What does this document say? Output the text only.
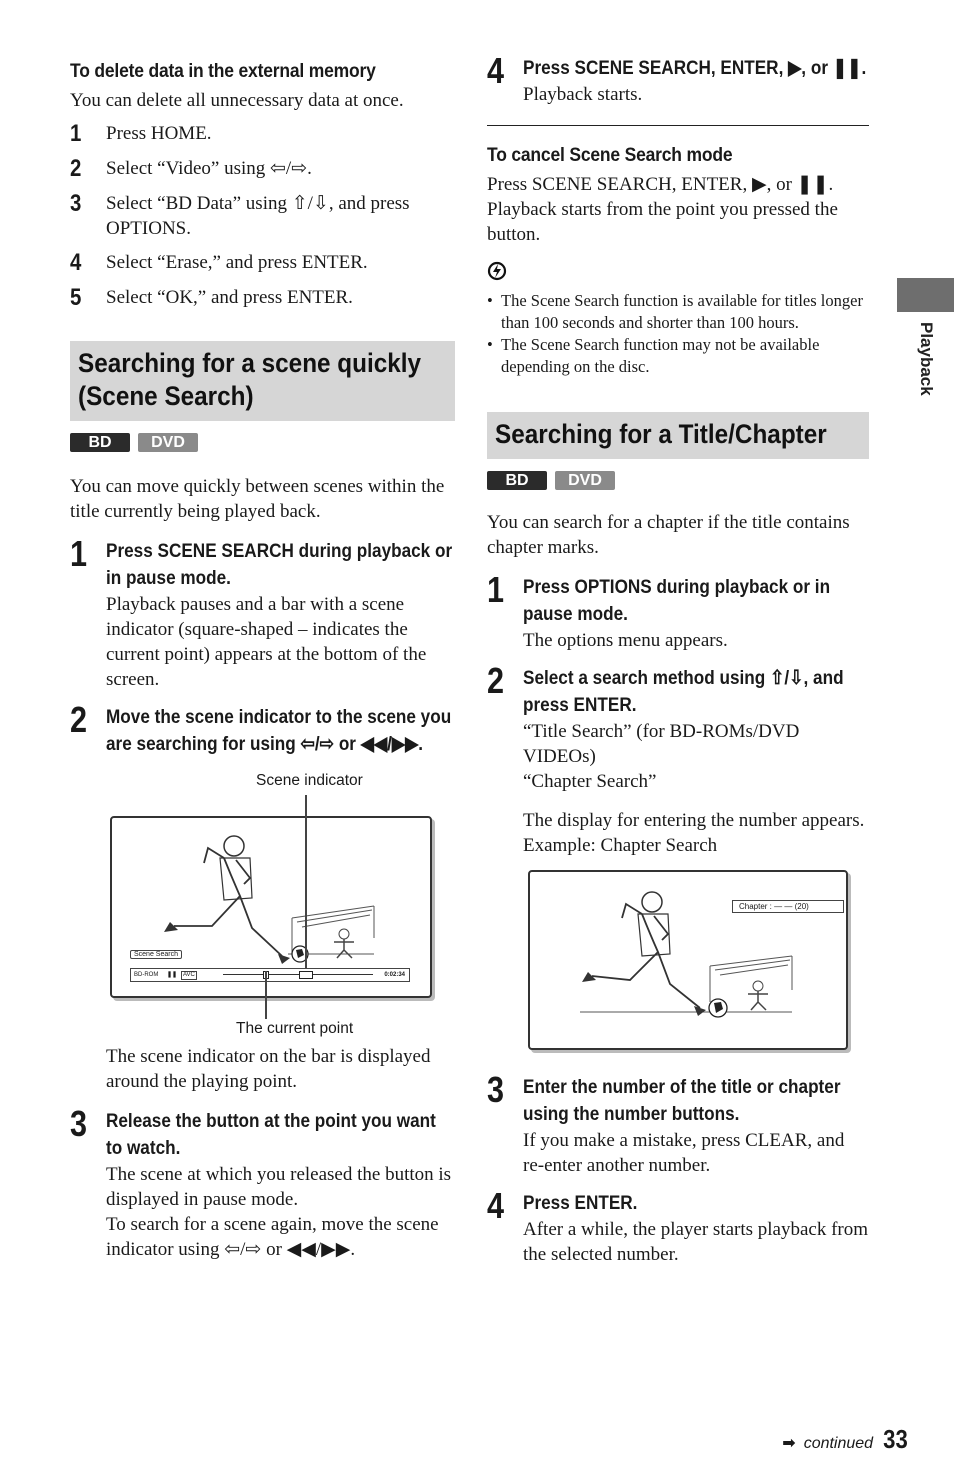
To delete data in the external memory

You can delete all unnecessary data at once.

1	Press HOME.
2	Select “Video” using ⇦/⇨.
3	Select “BD Data” using ⇧/⇩, and press OPTIONS.
4	Select “Erase,” and press ENTER.
5	Select “OK,” and press ENTER.
Searching for a scene quickly
(Scene Search)
BD	DVD

You can move quickly between scenes within the title currently being played back.

1 Press SCENE SEARCH during playback or in pause mode.

Playback pauses and a bar with a scene indicator (square-shaped – indicates the current point) appears at the bottom of the screen.

2 Move the scene indicator to the scene you are searching for using ⇦/⇨ or ◀◀/▶▶.

Scene indicator
Scene Search
BD-ROM ❚❚ AVC	0:02:34
The current point

The scene indicator on the bar is displayed around the playing point.

3 Release the button at the point you want to watch.

The scene at which you released the button is displayed in pause mode.

To search for a scene again, move the scene indicator using ⇦/⇨ or ◀◀/▶▶.

4 Press SCENE SEARCH, ENTER, ▶, or ❚❚.

Playback starts.

To cancel Scene Search mode

Press SCENE SEARCH, ENTER, ▶, or ❚❚. Playback starts from the point you pressed the button.

• The Scene Search function is available for titles longer than 100 seconds and shorter than 100 hours.
• The Scene Search function may not be available depending on the disc.
Searching for a Title/Chapter
BD	DVD

You can search for a chapter if the title contains chapter marks.

1 Press OPTIONS during playback or in pause mode.

The options menu appears.

2 Select a search method using ⇧/⇩, and press ENTER.

“Title Search” (for BD-ROMs/DVD VIDEOs)

“Chapter Search”

The display for entering the number appears.

Example: Chapter Search

Chapter : — — (20)
3 Enter the number of the title or chapter using the number buttons.

If you make a mistake, press CLEAR, and re-enter another number.

4 Press ENTER.

After a while, the player starts playback from the selected number.

Playback
➡ continued 33
